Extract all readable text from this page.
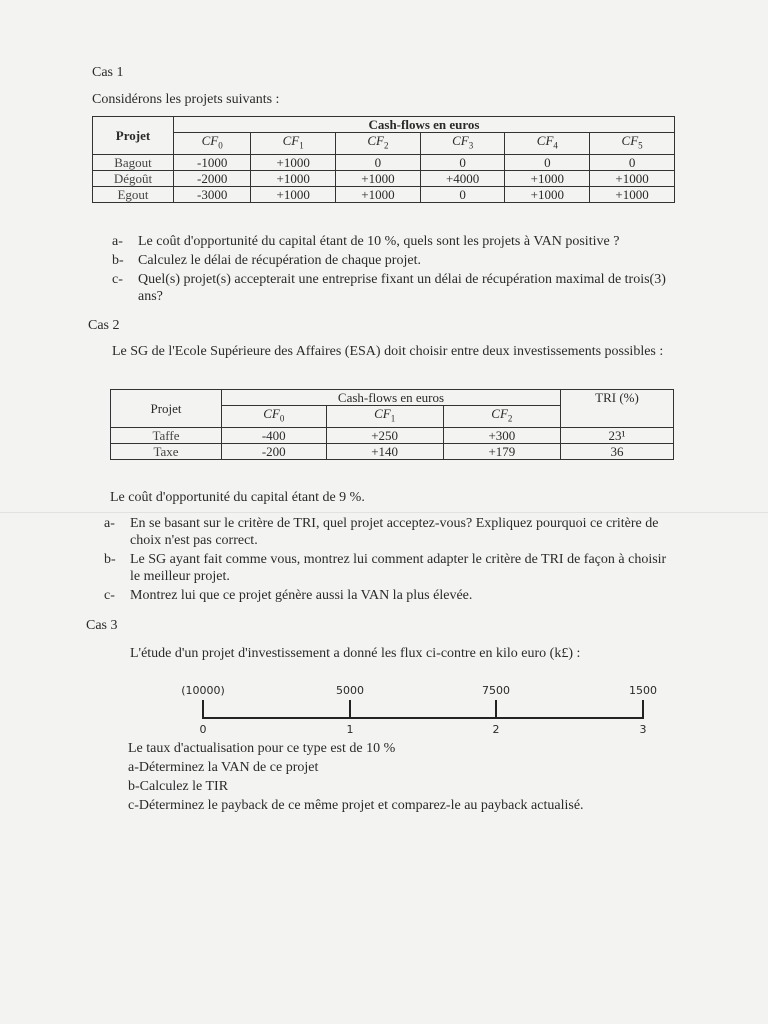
Cas 1
Considérons les projets suivants :
Projet	Cash-flows en euros					
	$CF_0$	$CF_1$	$CF_2$	$CF_3$	$CF_4$	$CF_5$
Bagout	-1000	+1000	0	0	0	0
Dégoût	-2000	+1000	+1000	+4000	+1000	+1000
Egout	-3000	+1000	+1000	0	+1000	+1000
a-	Le coût d'opportunité du capital étant de 10 %, quels sont les projets à VAN positive ?
b-	Calculez le délai de récupération de chaque projet.
c-	Quel(s) projet(s) accepterait une entreprise fixant un délai de récupération maximal de trois(3) ans?
Cas 2
Le SG de l'Ecole Supérieure des Affaires (ESA) doit choisir entre deux investissements possibles :
Projet	Cash-flows en euros			TRI (%)
	$CF_0$	$CF_1$	$CF_2$
Taffe	-400	+250	+300	23¹
Taxe	-200	+140	+179	36
Le coût d'opportunité du capital étant de 9 %.
a-	En se basant sur le critère de TRI, quel projet acceptez-vous? Expliquez pourquoi ce critère de choix n'est pas correct.
b-	Le SG ayant fait comme vous, montrez lui comment adapter le critère de TRI de façon à choisir le meilleur projet.
c-	Montrez lui que ce projet génère aussi la VAN la plus élevée.
Cas 3
L'étude d'un projet d'investissement a donné les flux ci-contre en kilo euro (k£) :
(10000)	5000	7500	1500
0	1	2	3
Le taux d'actualisation pour ce type est de 10 %
a-Déterminez la VAN de ce projet
b-Calculez le TIR
c-Déterminez le payback de ce même projet et comparez-le au payback actualisé.
